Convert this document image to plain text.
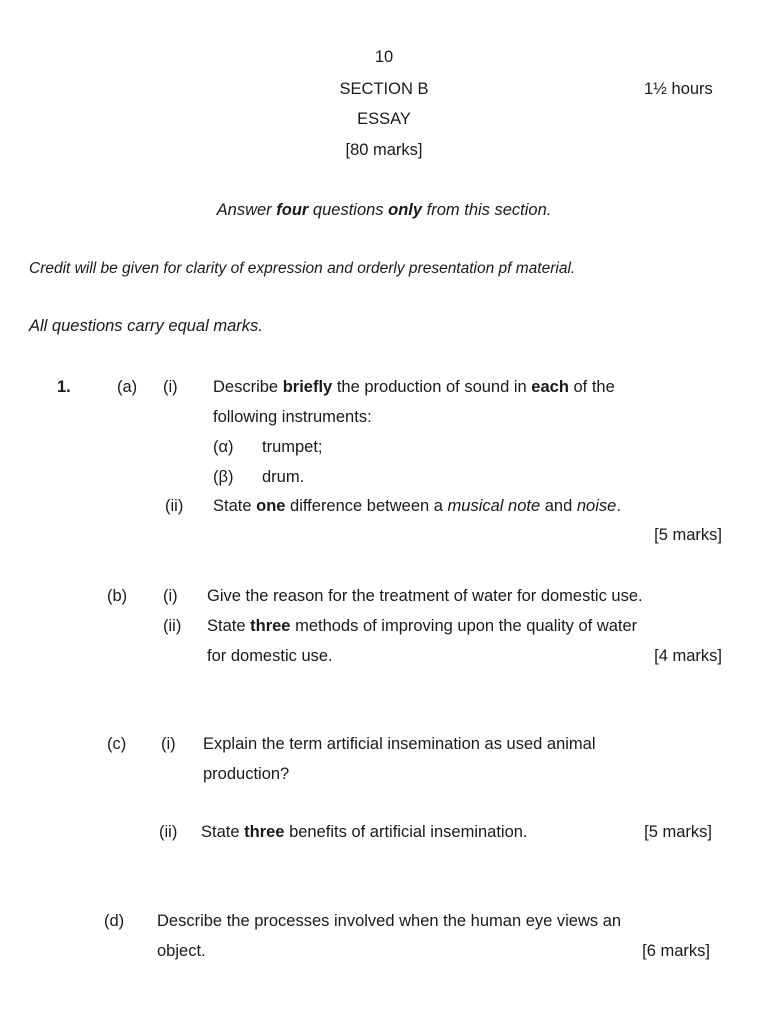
10
SECTION B	1½ hours
ESSAY
[80 marks]
Answer four questions only from this section.
Credit will be given for clarity of expression and orderly presentation pf material.
All questions carry equal marks.
1.	(a) (i) Describe briefly the production of sound in each of the
following instruments:
(α) trumpet;
(β) drum.
(ii) State one difference between a musical note and noise.
[5 marks]
(b) (i) Give the reason for the treatment of water for domestic use.
(ii) State three methods of improving upon the quality of water
for domestic use.	[4 marks]
(c) (i) Explain the term artificial insemination as used animal
production?
(ii) State three benefits of artificial insemination.	[5 marks]
(d) Describe the processes involved when the human eye views an
object.	[6 marks]
